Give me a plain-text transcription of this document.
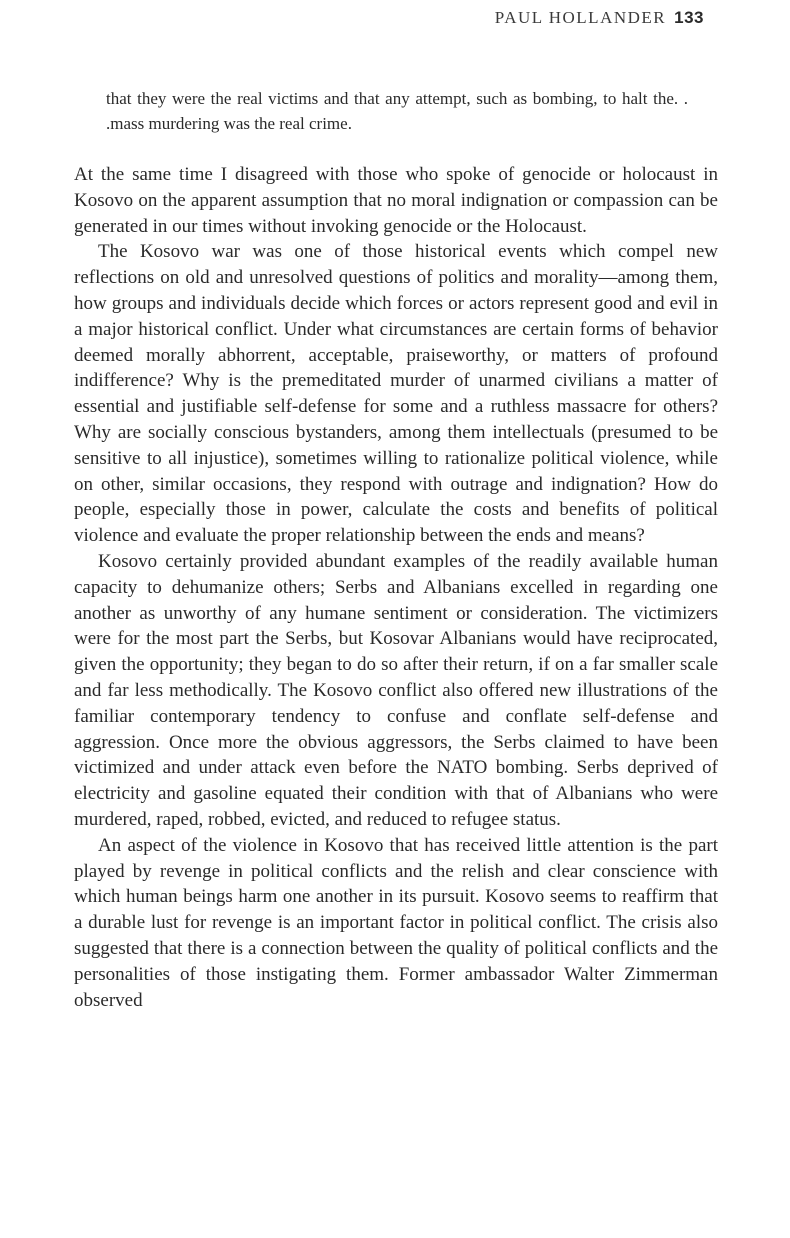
PAUL HOLLANDER 133

that they were the real victims and that any attempt, such as bombing, to halt the. . .mass murdering was the real crime.

At the same time I disagreed with those who spoke of genocide or holocaust in Kosovo on the apparent assumption that no moral indignation or compassion can be generated in our times without invoking genocide or the Holocaust.

The Kosovo war was one of those historical events which compel new reflections on old and unresolved questions of politics and morality—among them, how groups and individuals decide which forces or actors represent good and evil in a major historical conflict. Under what circumstances are certain forms of behavior deemed morally abhorrent, acceptable, praiseworthy, or matters of profound indifference? Why is the premeditated murder of unarmed civilians a matter of essential and justifiable self-defense for some and a ruthless massacre for others? Why are socially conscious bystanders, among them intellectuals (presumed to be sensitive to all injustice), sometimes willing to rationalize political violence, while on other, similar occasions, they respond with outrage and indignation? How do people, especially those in power, calculate the costs and benefits of political violence and evaluate the proper relationship between the ends and means?

Kosovo certainly provided abundant examples of the readily available human capacity to dehumanize others; Serbs and Albanians excelled in regarding one another as unworthy of any humane sentiment or consideration. The victimizers were for the most part the Serbs, but Kosovar Albanians would have reciprocated, given the opportunity; they began to do so after their return, if on a far smaller scale and far less methodically. The Kosovo conflict also offered new illustrations of the familiar contemporary tendency to confuse and conflate self-defense and aggression. Once more the obvious aggressors, the Serbs claimed to have been victimized and under attack even before the NATO bombing. Serbs deprived of electricity and gasoline equated their condition with that of Albanians who were murdered, raped, robbed, evicted, and reduced to refugee status.

An aspect of the violence in Kosovo that has received little attention is the part played by revenge in political conflicts and the relish and clear conscience with which human beings harm one another in its pursuit. Kosovo seems to reaffirm that a durable lust for revenge is an important factor in political conflict. The crisis also suggested that there is a connection between the quality of political conflicts and the personalities of those instigating them. Former ambassador Walter Zimmerman observed
